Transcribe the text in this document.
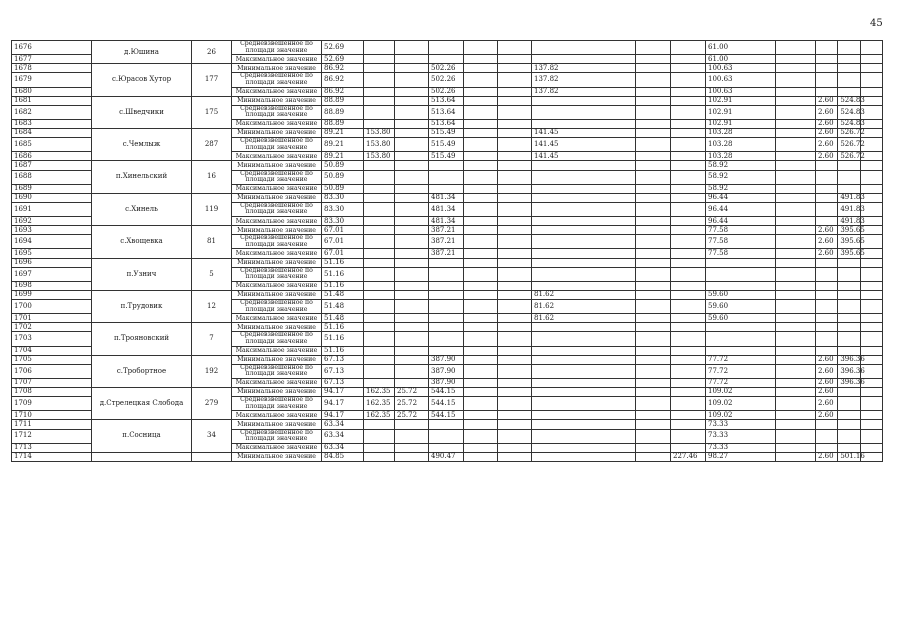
45
1676	д.Юшина	26	Средневзвешенное по площади значение	52.69									61.00				
1677			Максимальное значение	52.69									61.00				
1678	с.Юрасов Хутор	177	Минимальное значение	86.92			502.26			137.82			100.63				
1679			Средневзвешенное по площади значение	86.92			502.26			137.82			100.63				
1680			Максимальное значение	86.92			502.26			137.82			100.63				
1681	с.Шведчики	175	Минимальное значение	88.89			513.64						102.91		2.60	524.83	
1682			Средневзвешенное по площади значение	88.89			513.64						102.91		2.60	524.83	
1683			Максимальное значение	88.89			513.64						102.91		2.60	524.83	
1684	с.Чемлыж	287	Минимальное значение	89.21	153.80		515.49			141.45			103.28		2.60	526.72	
1685			Средневзвешенное по площади значение	89.21	153.80		515.49			141.45			103.28		2.60	526.72	
1686			Максимальное значение	89.21	153.80		515.49			141.45			103.28		2.60	526.72	
1687	п.Хинельский	16	Минимальное значение	50.89									58.92				
1688			Средневзвешенное по площади значение	50.89									58.92				
1689			Максимальное значение	50.89									58.92				
1690	с.Хинель	119	Минимальное значение	83.30			481.34						96.44			491.83	
1691			Средневзвешенное по площади значение	83.30			481.34						96.44			491.83	
1692			Максимальное значение	83.30			481.34						96.44			491.83	
1693	с.Хвощевка	81	Минимальное значение	67.01			387.21						77.58		2.60	395.65	
1694			Средневзвешенное по площади значение	67.01			387.21						77.58		2.60	395.65	
1695			Максимальное значение	67.01			387.21						77.58		2.60	395.65	
1696	п.Узнич	5	Минимальное значение	51.16													
1697			Средневзвешенное по площади значение	51.16													
1698			Максимальное значение	51.16													
1699	п.Трудовик	12	Минимальное значение	51.48						81.62			59.60				
1700			Средневзвешенное по площади значение	51.48						81.62			59.60				
1701			Максимальное значение	51.48						81.62			59.60				
1702	п.Трояновский	7	Минимальное значение	51.16													
1703			Средневзвешенное по площади значение	51.16													
1704			Максимальное значение	51.16													
1705	с.Тробортное	192	Минимальное значение	67.13			387.90						77.72		2.60	396.36	
1706			Средневзвешенное по площади значение	67.13			387.90						77.72		2.60	396.36	
1707			Максимальное значение	67.13			387.90						77.72		2.60	396.36	
1708	д.Стрелецкая Слобода	279	Минимальное значение	94.17	162.35	25.72	544.15						109.02		2.60		
1709			Средневзвешенное по площади значение	94.17	162.35	25.72	544.15						109.02		2.60		
1710			Максимальное значение	94.17	162.35	25.72	544.15						109.02		2.60		
1711	п.Сосница	34	Минимальное значение	63.34									73.33				
1712			Средневзвешенное по площади значение	63.34									73.33				
1713			Максимальное значение	63.34									73.33				
1714			Минимальное значение	84.85			490.47					227.46	98.27		2.60	501.16	
